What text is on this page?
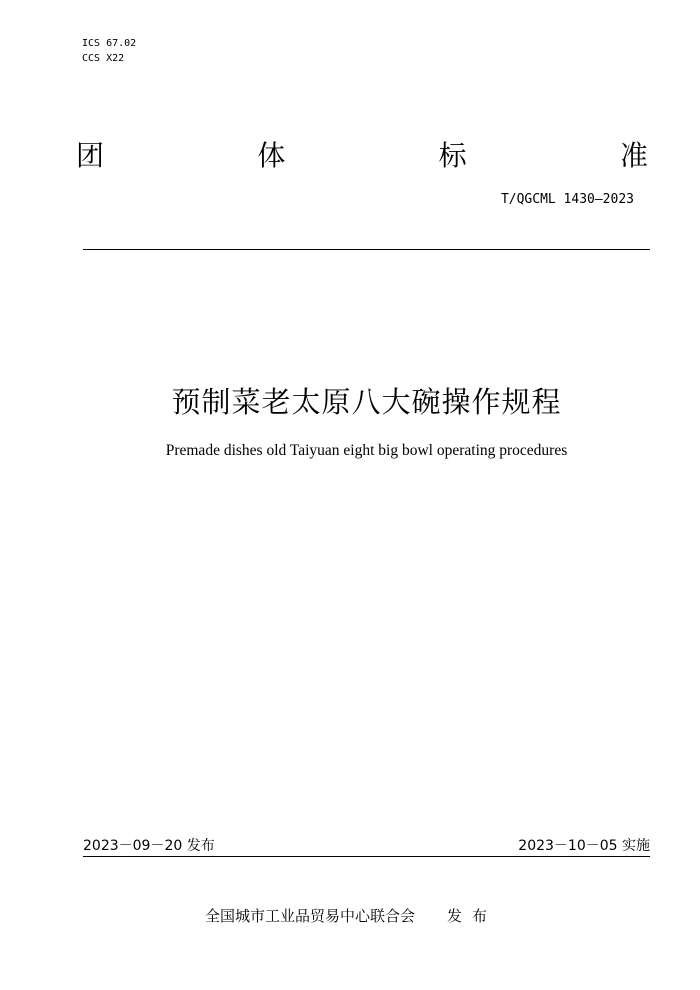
ICS 67.02
CCS X22
团	体	标	准
T/QGCML 1430—2023
预制菜老太原八大碗操作规程
Premade dishes old Taiyuan eight big bowl operating procedures
2023－09－20 发布	2023－10－05 实施
全国城市工业品贸易中心联合会 发布
